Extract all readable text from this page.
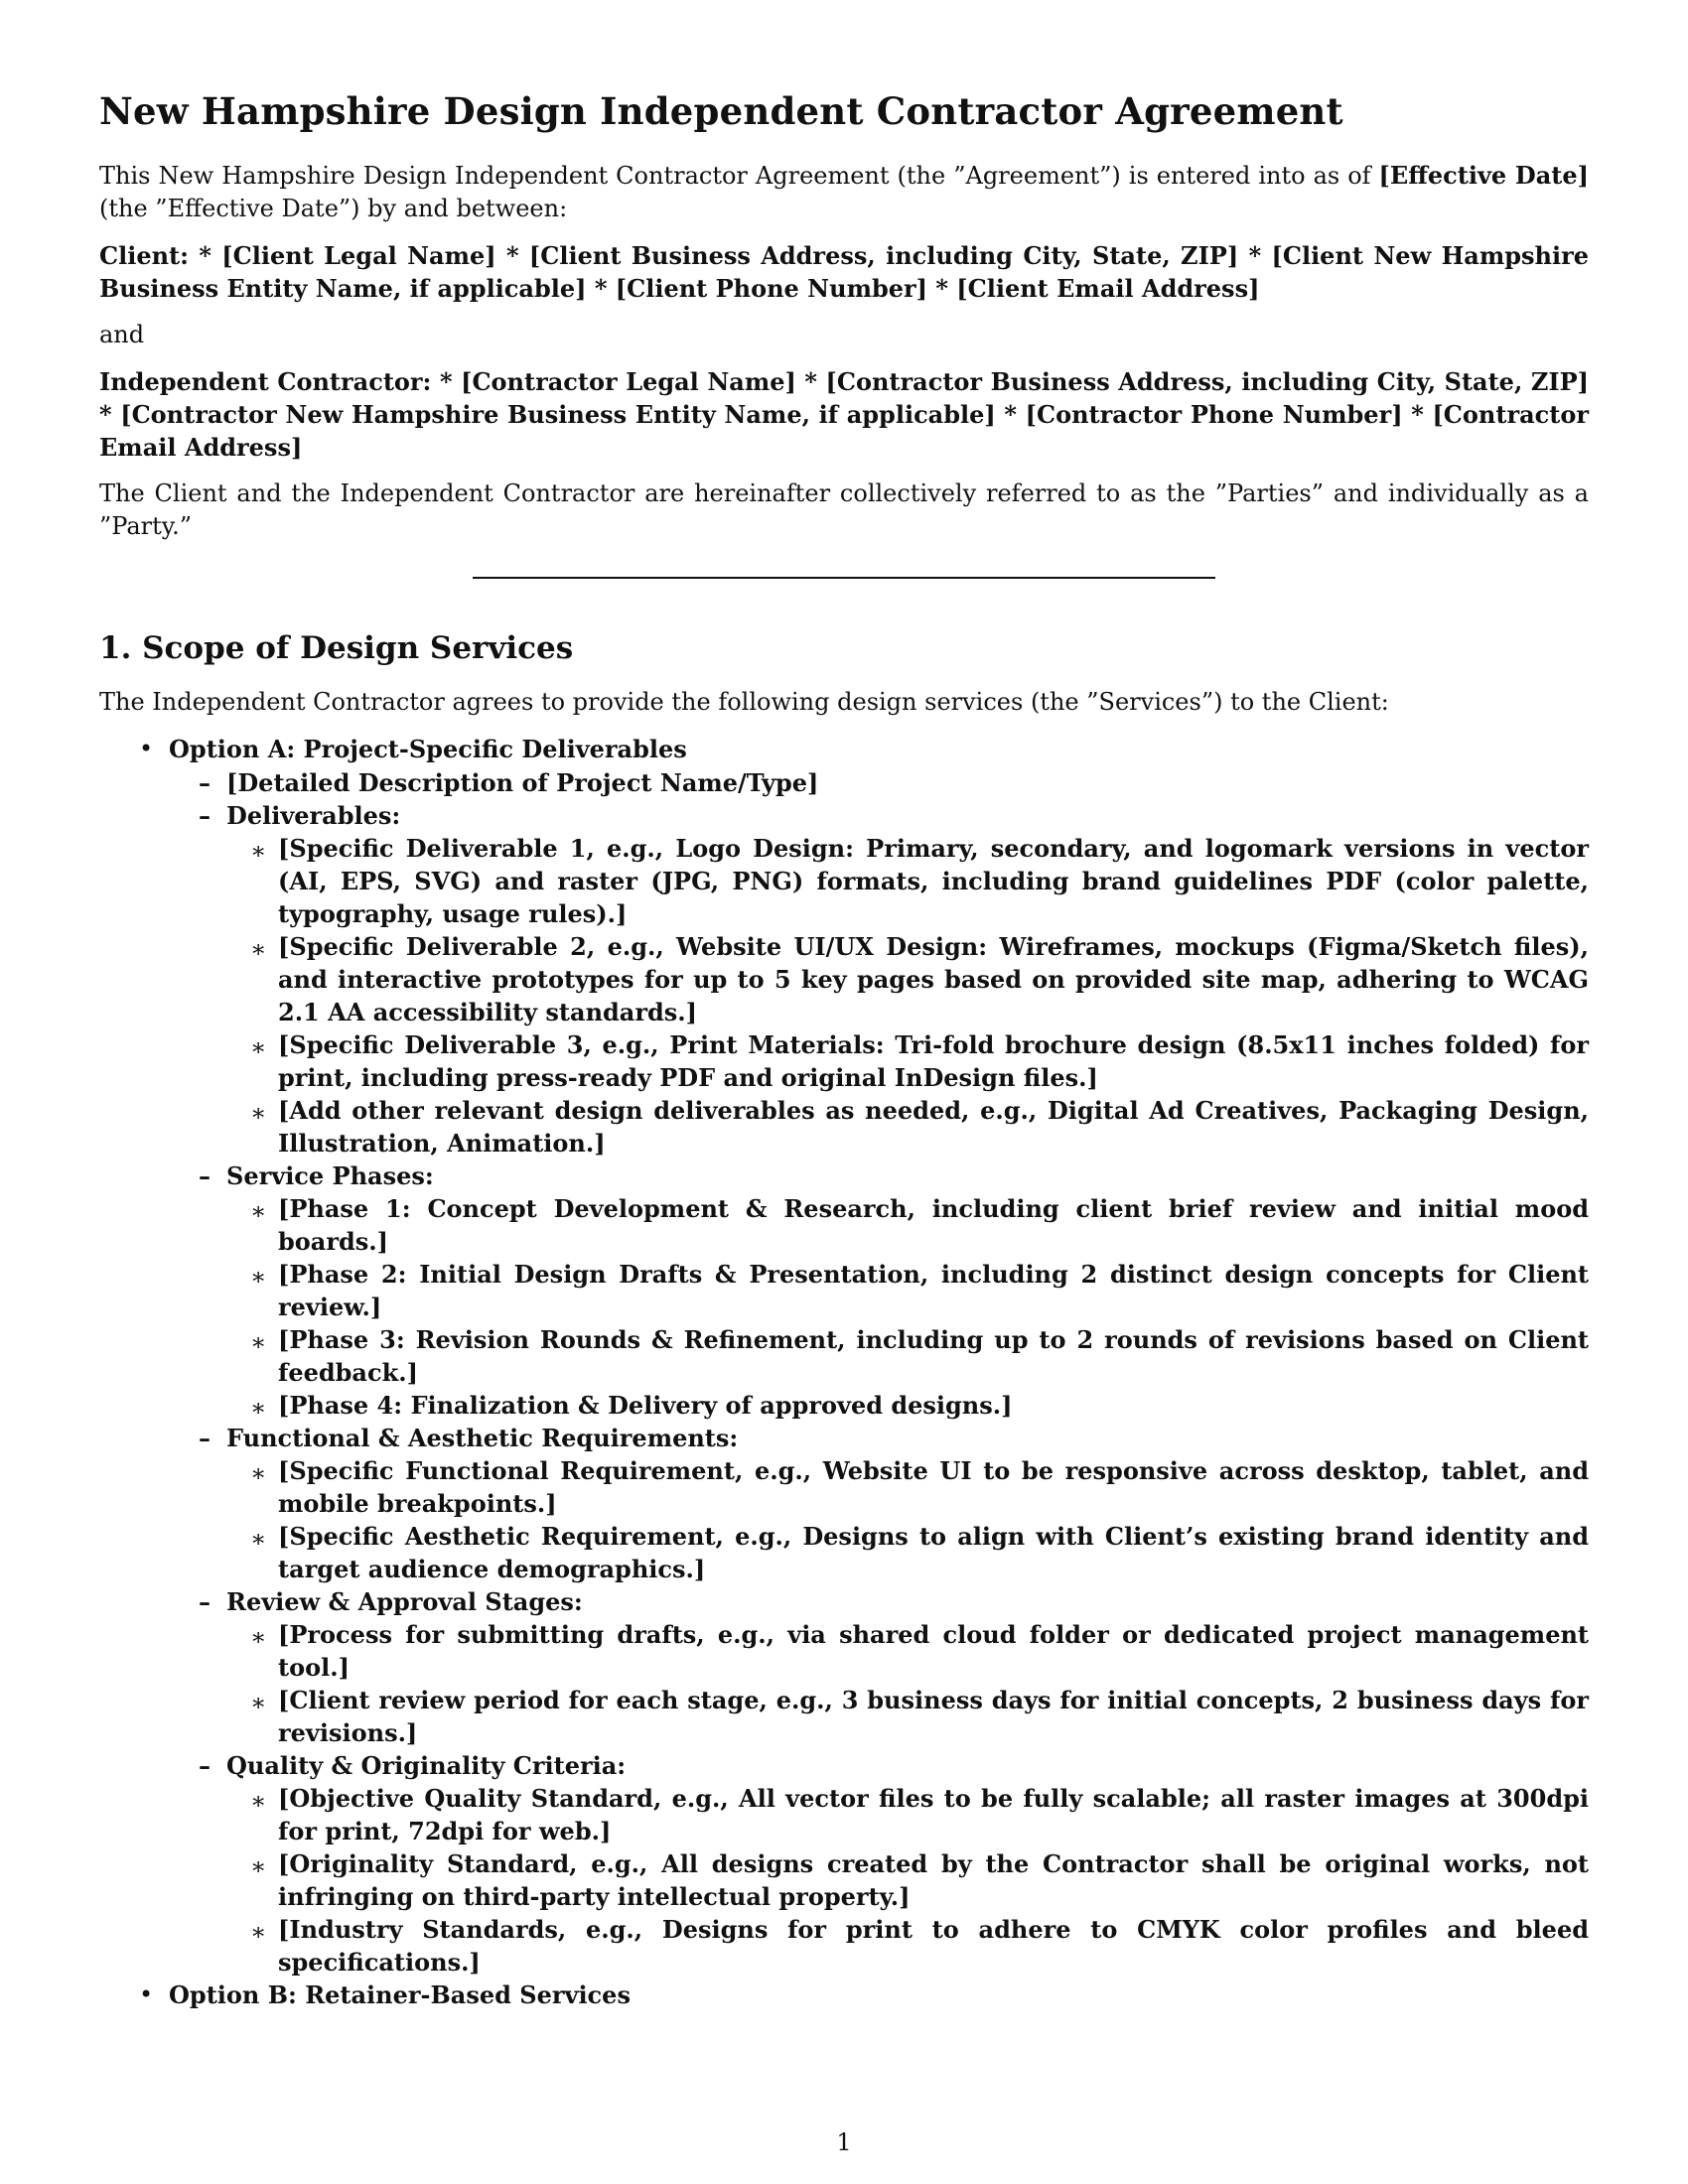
New Hampshire Design Independent Contractor Agreement

This New Hampshire Design Independent Contractor Agreement (the ”Agreement”) is entered into as of [Effective Date] (the ”Effective Date”) by and between:

Client: * [Client Legal Name] * [Client Business Address, including City, State, ZIP] * [Client New Hampshire Business Entity Name, if applicable] * [Client Phone Number] * [Client Email Address]

and

Independent Contractor: * [Contractor Legal Name] * [Contractor Business Address, including City, State, ZIP] * [Contractor New Hampshire Business Entity Name, if applicable] * [Contractor Phone Number] * [Contractor Email Address]

The Client and the Independent Contractor are hereinafter collectively referred to as the ”Parties” and individually as a ”Party.”

1. Scope of Design Services

The Independent Contractor agrees to provide the following design services (the ”Services”) to the Client:

• Option A: Project-Specific Deliverables
– [Detailed Description of Project Name/Type]
– Deliverables:
∗ [Specific Deliverable 1, e.g., Logo Design: Primary, secondary, and logomark versions in vector (AI, EPS, SVG) and raster (JPG, PNG) formats, including brand guidelines PDF (color palette, typography, usage rules).]
∗ [Specific Deliverable 2, e.g., Website UI/UX Design: Wireframes, mockups (Figma/Sketch files), and interactive prototypes for up to 5 key pages based on provided site map, adhering to WCAG 2.1 AA accessibility standards.]
∗ [Specific Deliverable 3, e.g., Print Materials: Tri-fold brochure design (8.5x11 inches folded) for print, including press-ready PDF and original InDesign files.]
∗ [Add other relevant design deliverables as needed, e.g., Digital Ad Creatives, Packaging Design, Illustration, Animation.]
– Service Phases:
∗ [Phase 1: Concept Development & Research, including client brief review and initial mood boards.]
∗ [Phase 2: Initial Design Drafts & Presentation, including 2 distinct design concepts for Client review.]
∗ [Phase 3: Revision Rounds & Refinement, including up to 2 rounds of revisions based on Client feedback.]
∗ [Phase 4: Finalization & Delivery of approved designs.]
– Functional & Aesthetic Requirements:
∗ [Specific Functional Requirement, e.g., Website UI to be responsive across desktop, tablet, and mobile breakpoints.]
∗ [Specific Aesthetic Requirement, e.g., Designs to align with Client’s existing brand identity and target audience demographics.]
– Review & Approval Stages:
∗ [Process for submitting drafts, e.g., via shared cloud folder or dedicated project management tool.]
∗ [Client review period for each stage, e.g., 3 business days for initial concepts, 2 business days for revisions.]
– Quality & Originality Criteria:
∗ [Objective Quality Standard, e.g., All vector files to be fully scalable; all raster images at 300dpi for print, 72dpi for web.]
∗ [Originality Standard, e.g., All designs created by the Contractor shall be original works, not infringing on third-party intellectual property.]
∗ [Industry Standards, e.g., Designs for print to adhere to CMYK color profiles and bleed specifications.]
• Option B: Retainer-Based Services
1
